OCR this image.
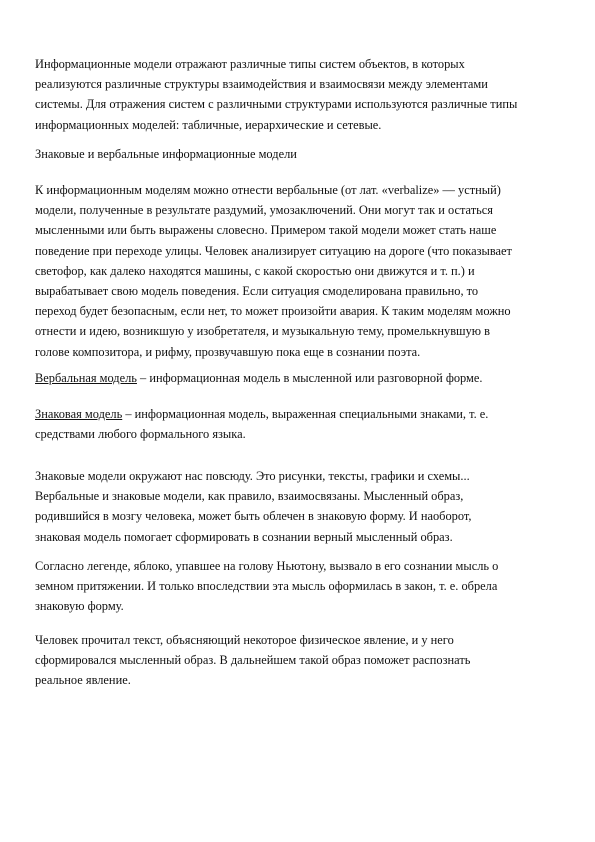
Информационные модели отражают различные типы систем объектов, в которых
реализуются различные структуры взаимодействия и взаимосвязи между элементами
системы. Для отражения систем с различными структурами используются различные типы
информационных моделей: табличные, иерархические и сетевые.

Знаковые и вербальные информационные модели

К информационным моделям можно отнести вербальные (от лат. «verbalize» — устный)
модели, полученные в результате раздумий, умозаключений. Они могут так и остаться
мысленными или быть выражены словесно. Примером такой модели может стать наше
поведение при переходе улицы. Человек анализирует ситуацию на дороге (что показывает
светофор, как далеко находятся машины, с какой скоростью они движутся и т. п.) и
вырабатывает свою модель поведения. Если ситуация смоделирована правильно, то
переход будет безопасным, если нет, то может произойти авария. К таким моделям можно
отнести и идею, возникшую у изобретателя, и музыкальную тему, промелькнувшую в
голове композитора, и рифму, прозвучавшую пока еще в сознании поэта.

Вербальная модель – информационная модель в мысленной или разговорной форме.

Знаковая модель – информационная модель, выраженная специальными знаками, т. е.
средствами любого формального языка.

Знаковые модели окружают нас повсюду. Это рисунки, тексты, графики и схемы...
Вербальные и знаковые модели, как правило, взаимосвязаны. Мысленный образ,
родившийся в мозгу человека, может быть облечен в знаковую форму. И наоборот,
знаковая модель помогает сформировать в сознании верный мысленный образ.

Согласно легенде, яблоко, упавшее на голову Ньютону, вызвало в его сознании мысль о
земном притяжении. И только впоследствии эта мысль оформилась в закон, т. е. обрела
знаковую форму.

Человек прочитал текст, объясняющий некоторое физическое явление, и у него
сформировался мысленный образ. В дальнейшем такой образ поможет распознать
реальное явление.
